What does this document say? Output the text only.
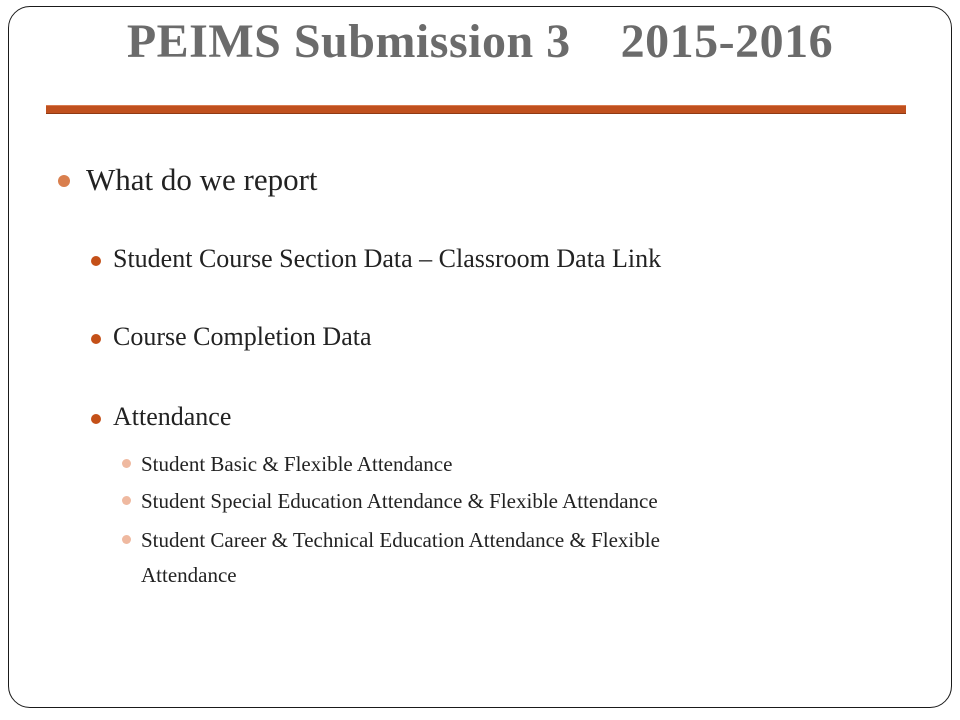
PEIMS Submission 3    2015-2016
What do we report
Student Course Section Data – Classroom Data Link
Course Completion Data
Attendance
Student Basic & Flexible Attendance
Student Special Education Attendance & Flexible Attendance
Student Career & Technical Education Attendance & Flexible
Attendance
